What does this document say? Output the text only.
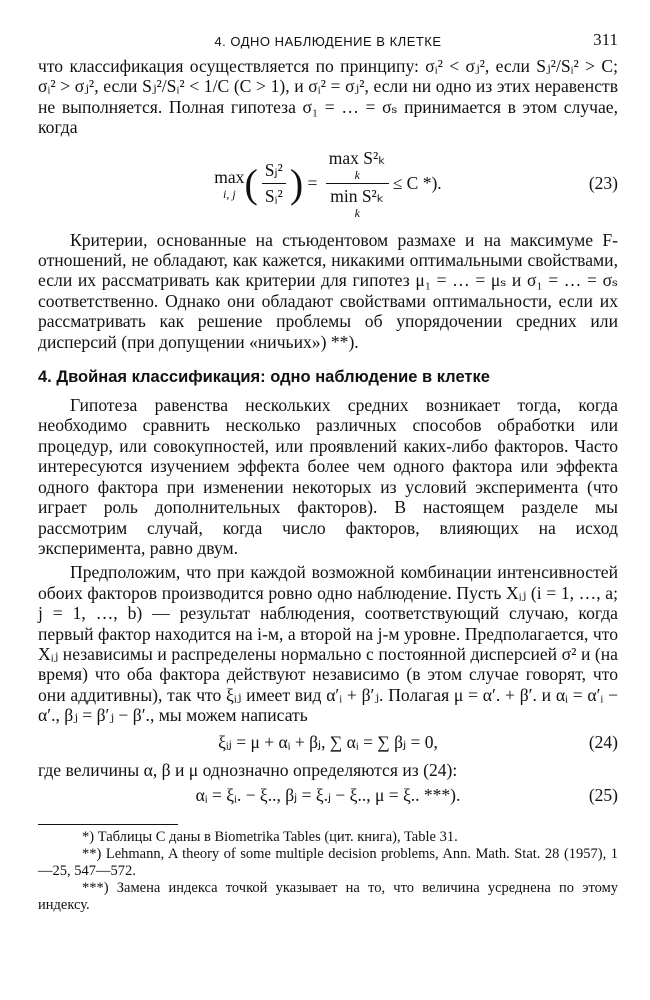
4. ОДНО НАБЛЮДЕНИЕ В КЛЕТКЕ	311

что классификация осуществляется по принципу: σᵢ² < σⱼ², если Sⱼ²/Sᵢ² > C; σᵢ² > σⱼ², если Sⱼ²/Sᵢ² < 1/C (C > 1), и σᵢ² = σⱼ², если ни одно из этих неравенств не выполняется. Полная гипотеза σ₁ = … = σₛ принимается в этом случае, когда

max
i, j ( $\frac{\text{Sⱼ²}}{\text{Sᵢ²}}$ ) = max S²ₖ
k
min S²ₖ
k ≤ C *).	(23)

Критерии, основанные на стьюдентовом размахе и на максимуме F-отношений, не обладают, как кажется, никакими оптимальными свойствами, если их рассматривать как критерии для гипотез μ₁ = … = μₛ и σ₁ = … = σₛ соответственно. Однако они обладают свойствами оптимальности, если их рассматривать как решение проблемы об упорядочении средних или дисперсий (при допущении «ничьих») **).

4. Двойная классификация: одно наблюдение в клетке

Гипотеза равенства нескольких средних возникает тогда, когда необходимо сравнить несколько различных способов обработки или процедур, или совокупностей, или проявлений каких-либо факторов. Часто интересуются изучением эффекта более чем одного фактора или эффекта одного фактора при изменении некоторых из условий эксперимента (что играет роль дополнительных факторов). В настоящем разделе мы рассмотрим случай, когда число факторов, влияющих на исход эксперимента, равно двум.

Предположим, что при каждой возможной комбинации интенсивностей обоих факторов производится ровно одно наблюдение. Пусть Xᵢⱼ (i = 1, …, a; j = 1, …, b) — результат наблюдения, соответствующий случаю, когда первый фактор находится на i-м, а второй на j-м уровне. Предполагается, что Xᵢⱼ независимы и распределены нормально с постоянной дисперсией σ² и (на время) что оба фактора действуют независимо (в этом случае говорят, что они аддитивны), так что ξᵢⱼ имеет вид α′ᵢ + β′ⱼ. Полагая μ = α′. + β′. и αᵢ = α′ᵢ − α′., βⱼ = β′ⱼ − β′., мы можем написать

ξᵢⱼ = μ + αᵢ + βⱼ, ∑ αᵢ = ∑ βⱼ = 0,	(24)

где величины α, β и μ однозначно определяются из (24):

αᵢ = ξᵢ. − ξ.., βⱼ = ξ.ⱼ − ξ.., μ = ξ.. ***).	(25)

*) Таблицы C даны в Biometrika Tables (цит. книга), Table 31.

**) Lehmann, A theory of some multiple decision problems, Ann. Math. Stat. 28 (1957), 1—25, 547—572.

***) Замена индекса точкой указывает на то, что величина усреднена по этому индексу.
